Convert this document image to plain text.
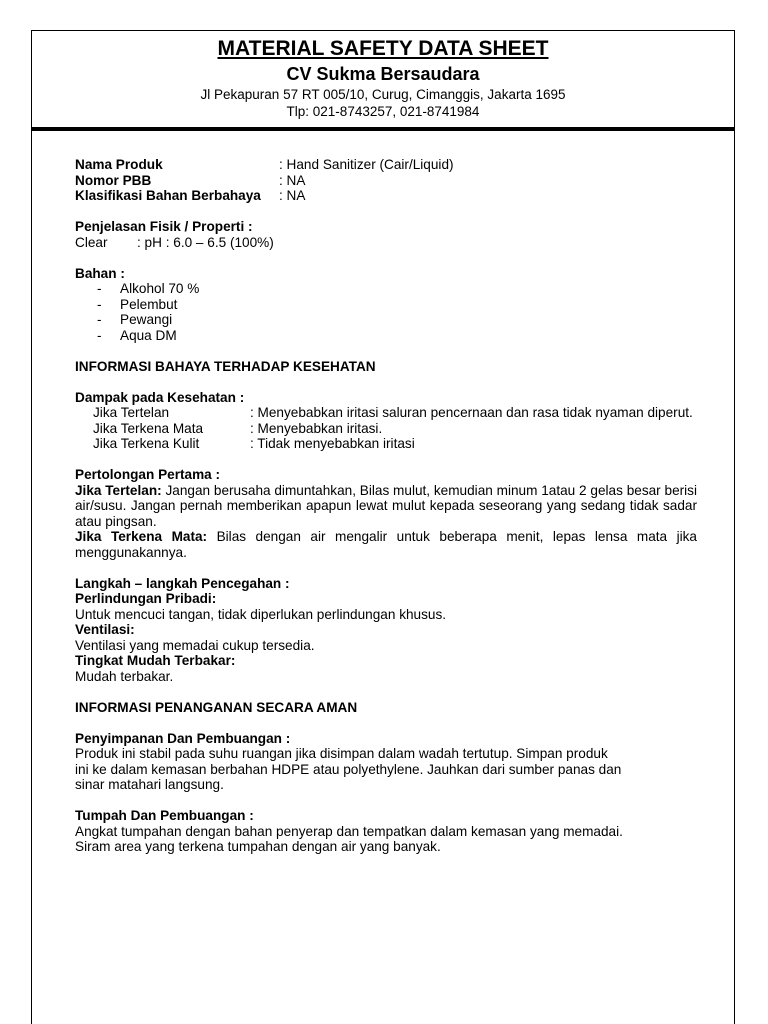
MATERIAL SAFETY DATA SHEET
CV Sukma Bersaudara
Jl Pekapuran 57 RT 005/10, Curug, Cimanggis, Jakarta 1695
Tlp: 021-8743257, 021-8741984
Nama Produk	: Hand Sanitizer (Cair/Liquid)
Nomor PBB	: NA
Klasifikasi Bahan Berbahaya	: NA
Penjelasan Fisik / Properti :
Clear	: pH : 6.0 – 6.5 (100%)
Bahan :
-	Alkohol 70 %
-	Pelembut
-	Pewangi
-	Aqua DM
INFORMASI BAHAYA TERHADAP KESEHATAN
Dampak pada Kesehatan :
Jika Tertelan	: Menyebabkan iritasi saluran pencernaan dan rasa tidak nyaman diperut.
Jika Terkena Mata	: Menyebabkan iritasi.
Jika Terkena Kulit	: Tidak menyebabkan iritasi
Pertolongan Pertama :
Jika Tertelan: Jangan berusaha dimuntahkan, Bilas mulut, kemudian minum 1atau 2 gelas besar berisi air/susu. Jangan pernah memberikan apapun lewat mulut kepada seseorang yang sedang tidak sadar atau pingsan.
Jika Terkena Mata: Bilas dengan air mengalir untuk beberapa menit, lepas lensa mata jika menggunakannya.
Langkah – langkah Pencegahan :
Perlindungan Pribadi:
Untuk mencuci tangan, tidak diperlukan perlindungan khusus.
Ventilasi:
Ventilasi yang memadai cukup tersedia.
Tingkat Mudah Terbakar:
Mudah terbakar.
INFORMASI PENANGANAN SECARA AMAN
Penyimpanan Dan Pembuangan :
Produk ini stabil pada suhu ruangan jika disimpan dalam wadah tertutup. Simpan produk
ini ke dalam kemasan berbahan HDPE atau polyethylene. Jauhkan dari sumber panas dan
sinar matahari langsung.
Tumpah Dan Pembuangan :
Angkat tumpahan dengan bahan penyerap dan tempatkan dalam kemasan yang memadai.
Siram area yang terkena tumpahan dengan air yang banyak.
